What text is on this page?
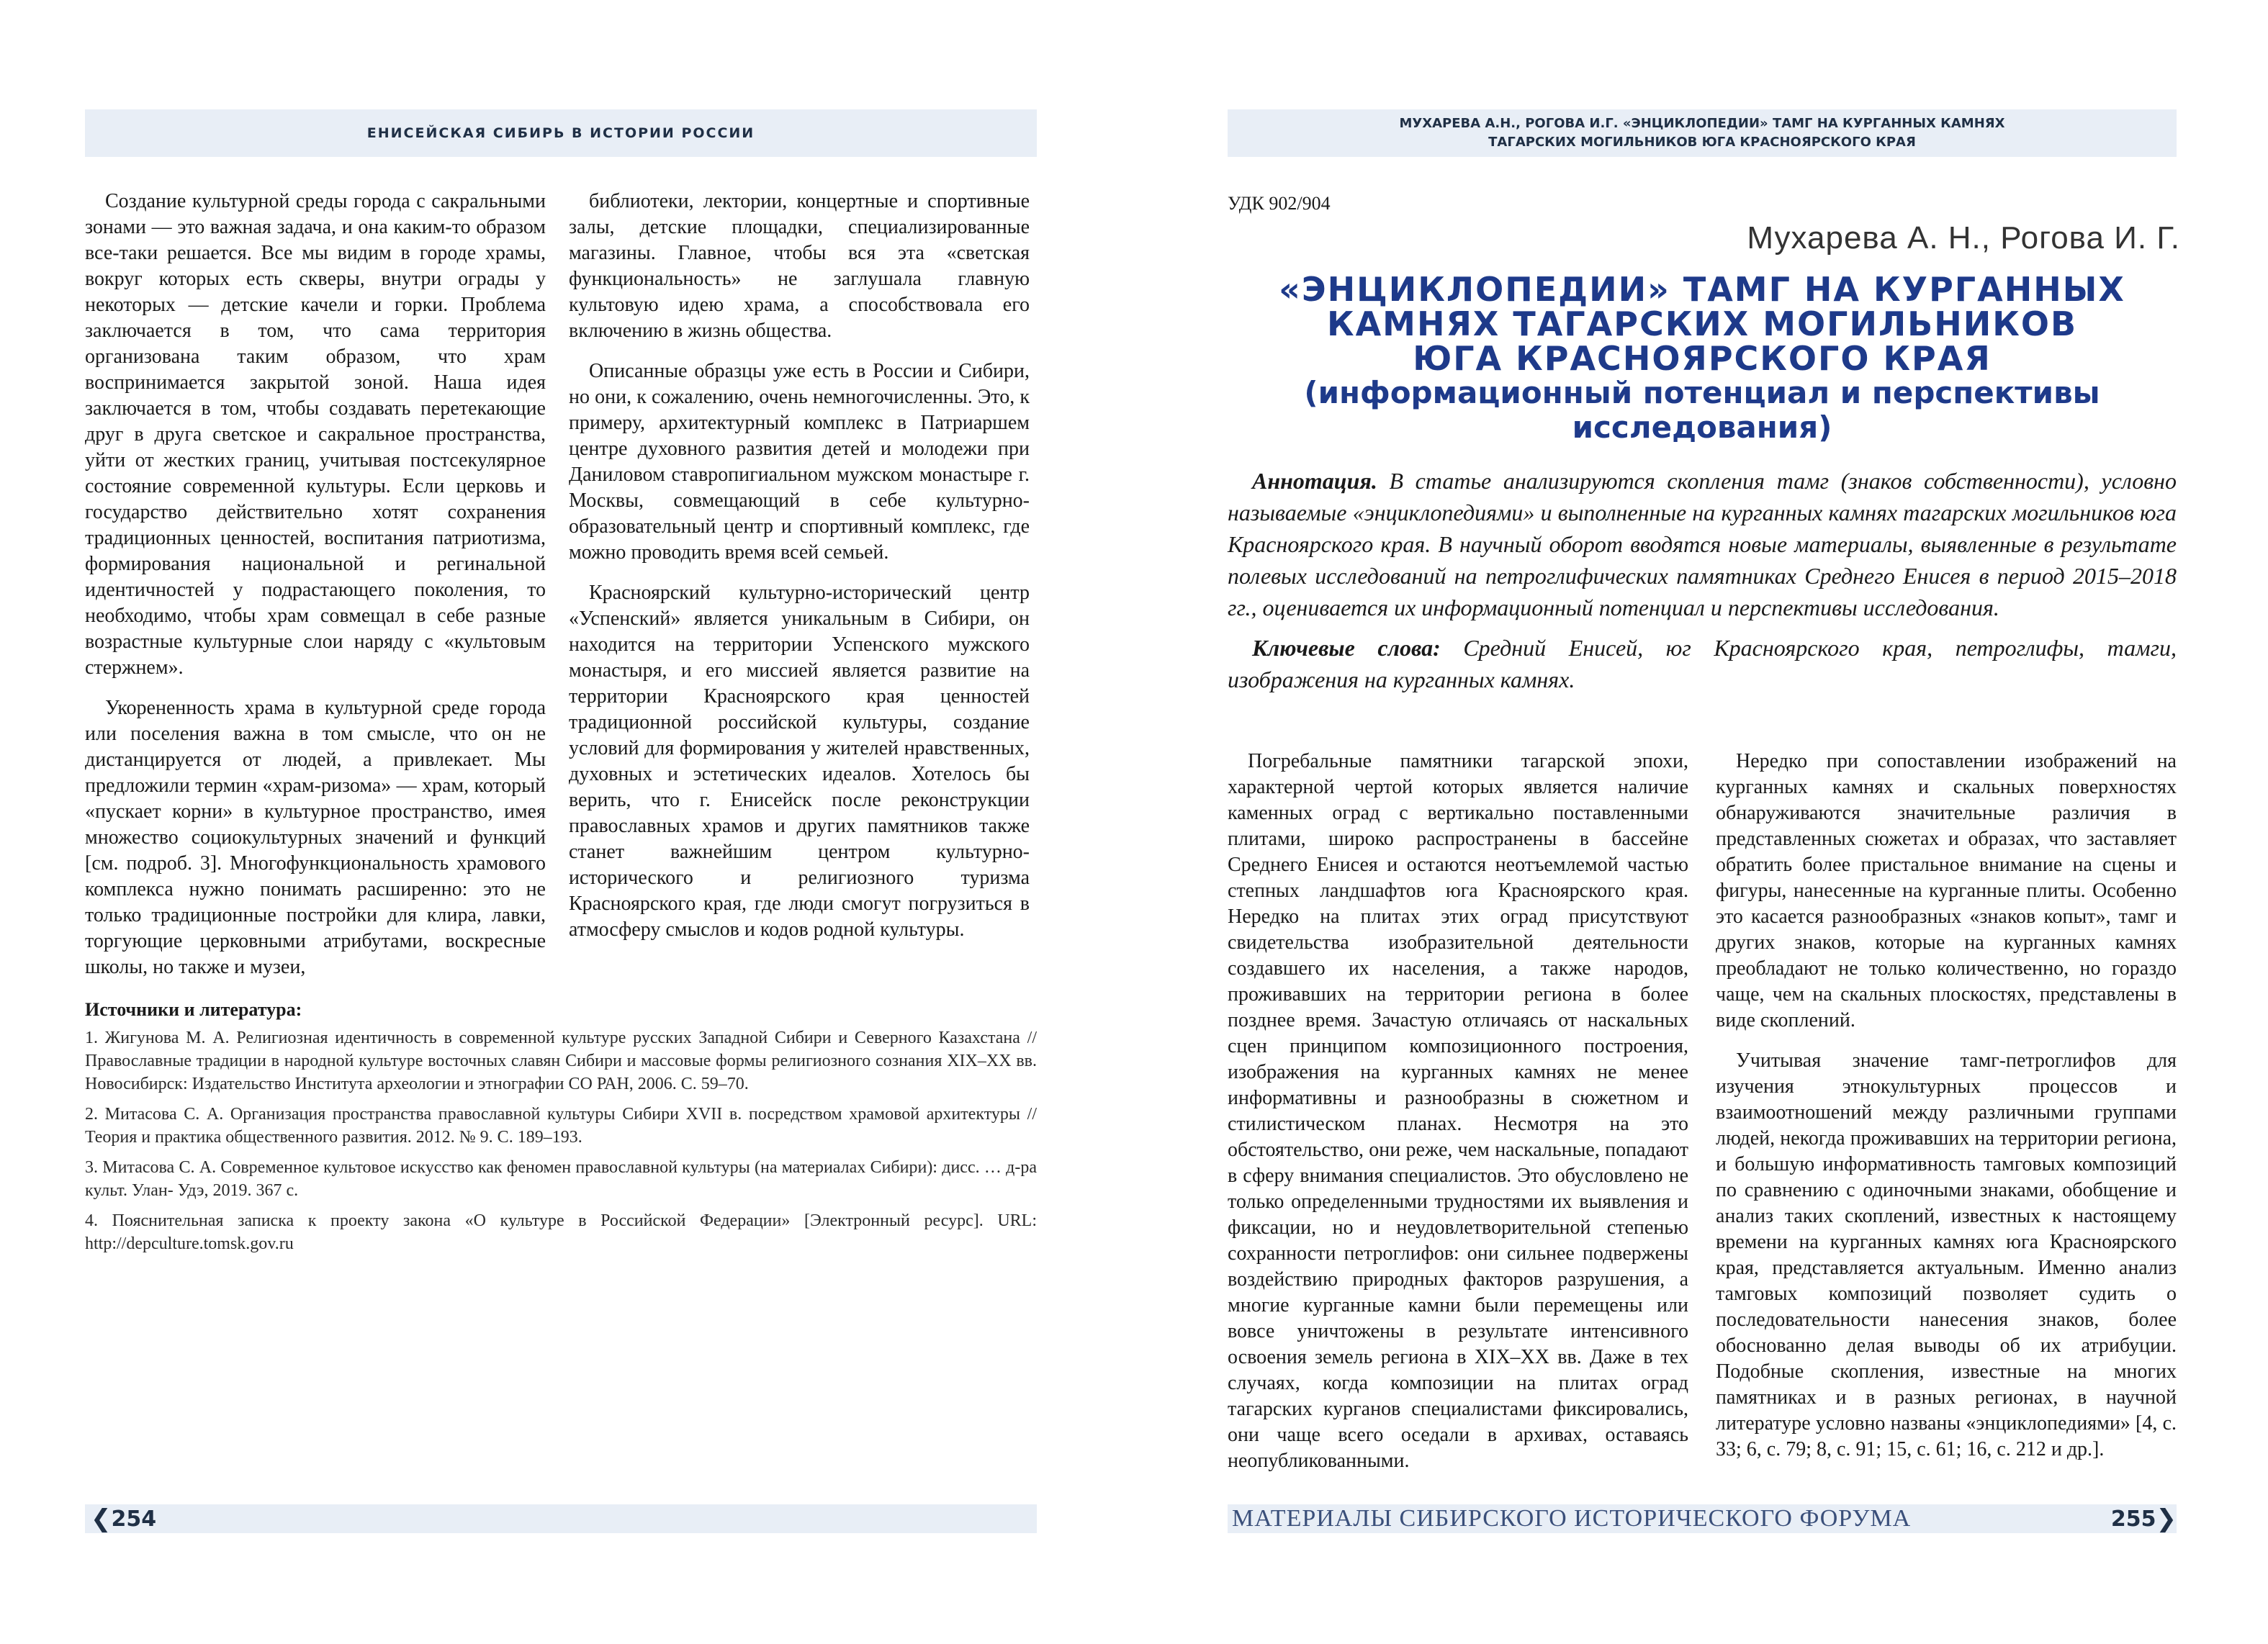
ЕНИСЕЙСКАЯ СИБИРЬ В ИСТОРИИ РОССИИ

Создание культурной среды города с сакральными зонами — это важная задача, и она каким-то образом все-таки решается. Все мы видим в городе храмы, вокруг которых есть скверы, внутри ограды у некоторых — детские качели и горки. Проблема заключается в том, что сама территория организована таким образом, что храм воспринимается закрытой зоной. Наша идея заключается в том, чтобы создавать перетекающие друг в друга светское и сакральное пространства, уйти от жестких границ, учитывая постсекулярное состояние современной культуры. Если церковь и государство действительно хотят сохранения традиционных ценностей, воспитания патриотизма, формирования национальной и регинальной идентичностей у подрастающего поколения, то необходимо, чтобы храм совмещал в себе разные возрастные культурные слои наряду с «культовым стержнем».

Укорененность храма в культурной среде города или поселения важна в том смысле, что он не дистанцируется от людей, а привлекает. Мы предложили термин «храм-ризома» — храм, который «пускает корни» в культурное пространство, имея множество социокультурных значений и функций [см. подроб. 3]. Многофункциональность храмового комплекса нужно понимать расширенно: это не только традиционные постройки для клира, лавки, торгующие церковными атрибутами, воскресные школы, но также и музеи,

библиотеки, лектории, концертные и спортивные залы, детские площадки, специализированные магазины. Главное, чтобы вся эта «светская функциональность» не заглушала главную культовую идею храма, а способствовала его включению в жизнь общества.

Описанные образцы уже есть в России и Сибири, но они, к сожалению, очень немногочисленны. Это, к примеру, архитектурный комплекс в Патриаршем центре духовного развития детей и молодежи при Даниловом ставропигиальном мужском монастыре г. Москвы, совмещающий в себе культурно-образовательный центр и спортивный комплекс, где можно проводить время всей семьей.

Красноярский культурно-исторический центр «Успенский» является уникальным в Сибири, он находится на территории Успенского мужского монастыря, и его миссией является развитие на территории Красноярского края ценностей традиционной российской культуры, создание условий для формирования у жителей нравственных, духовных и эстетических идеалов. Хотелось бы верить, что г. Енисейск после реконструкции православных храмов и других памятников также станет важнейшим центром культурно-исторического и религиозного туризма Красноярского края, где люди смогут погрузиться в атмосферу смыслов и кодов родной культуры.

Источники и литература:
1. Жигунова М. А. Религиозная идентичность в современной культуре русских Западной Сибири и Северного Казахстана // Православные традиции в народной культуре восточных славян Сибири и массовые формы религиозного сознания XIX–XX вв. Новосибирск: Издательство Института археологии и этнографии СО РАН, 2006. С. 59–70.
2. Митасова С. А. Организация пространства православной культуры Сибири XVII в. посредством храмовой архитектуры // Теория и практика общественного развития. 2012. № 9. С. 189–193.
3. Митасова С. А. Современное культовое искусство как феномен православной культуры (на материалах Сибири): дисс. … д-ра культ. Улан- Удэ, 2019. 367 с.
4. Пояснительная записка к проекту закона «О культуре в Российской Федерации» [Электронный ресурс]. URL: http://depculture.tomsk.gov.ru
❮ 254
МУХАРЕВА А.Н., РОГОВА И.Г. «ЭНЦИКЛОПЕДИИ» ТАМГ НА КУРГАННЫХ КАМНЯХ
ТАГАРСКИХ МОГИЛЬНИКОВ ЮГА КРАСНОЯРСКОГО КРАЯ
УДК 902/904
Мухарева А. Н., Рогова И. Г.
«ЭНЦИКЛОПЕДИИ» ТАМГ НА КУРГАННЫХ
КАМНЯХ ТАГАРСКИХ МОГИЛЬНИКОВ
ЮГА КРАСНОЯРСКОГО КРАЯ
(информационный потенциал и перспективы
исследования)

Аннотация. В статье анализируются скопления тамг (знаков собственности), условно называемые «энциклопедиями» и выполненные на курганных камнях тагарских могильников юга Красноярского края. В научный оборот вводятся новые материалы, выявленные в результате полевых исследований на петроглифических памятниках Среднего Енисея в период 2015–2018 гг., оценивается их информационный потенциал и перспективы исследования.

Ключевые слова: Средний Енисей, юг Красноярского края, петроглифы, тамги, изображения на курганных камнях.

Погребальные памятники тагарской эпохи, характерной чертой которых является наличие каменных оград с вертикально поставленными плитами, широко распространены в бассейне Среднего Енисея и остаются неотъемлемой частью степных ландшафтов юга Красноярского края. Нередко на плитах этих оград присутствуют свидетельства изобразительной деятельности создавшего их населения, а также народов, проживавших на территории региона в более позднее время. Зачастую отличаясь от наскальных сцен принципом композиционного построения, изображения на курганных камнях не менее информативны и разнообразны в сюжетном и стилистическом планах. Несмотря на это обстоятельство, они реже, чем наскальные, попадают в сферу внимания специалистов. Это обусловлено не только определенными трудностями их выявления и фиксации, но и неудовлетворительной степенью сохранности петроглифов: они сильнее подвержены воздействию природных факторов разрушения, а многие курганные камни были перемещены или вовсе уничтожены в результате интенсивного освоения земель региона в XIX–XX вв. Даже в тех случаях, когда композиции на плитах оград тагарских курганов специалистами фиксировались, они чаще всего оседали в архивах, оставаясь неопубликованными.

Нередко при сопоставлении изображений на курганных камнях и скальных поверхностях обнаруживаются значительные различия в представленных сюжетах и образах, что заставляет обратить более пристальное внимание на сцены и фигуры, нанесенные на курганные плиты. Особенно это касается разнообразных «знаков копыт», тамг и других знаков, которые на курганных камнях преобладают не только количественно, но гораздо чаще, чем на скальных плоскостях, представлены в виде скоплений.

Учитывая значение тамг-петроглифов для изучения этнокультурных процессов и взаимоотношений между различными группами людей, некогда проживавших на территории региона, и большую информативность тамговых композиций по сравнению с одиночными знаками, обобщение и анализ таких скоплений, известных к настоящему времени на курганных камнях юга Красноярского края, представляется актуальным. Именно анализ тамговых композиций позволяет судить о последовательности нанесения знаков, более обоснованно делая выводы об их атрибуции. Подобные скопления, известные на многих памятниках и в разных регионах, в научной литературе условно названы «энциклопедиями» [4, с. 33; 6, с. 79; 8, с. 91; 15, с. 61; 16, с. 212 и др.].

МАТЕРИАЛЫ СИБИРСКОГО ИСТОРИЧЕСКОГО ФОРУМА	255 ❯
